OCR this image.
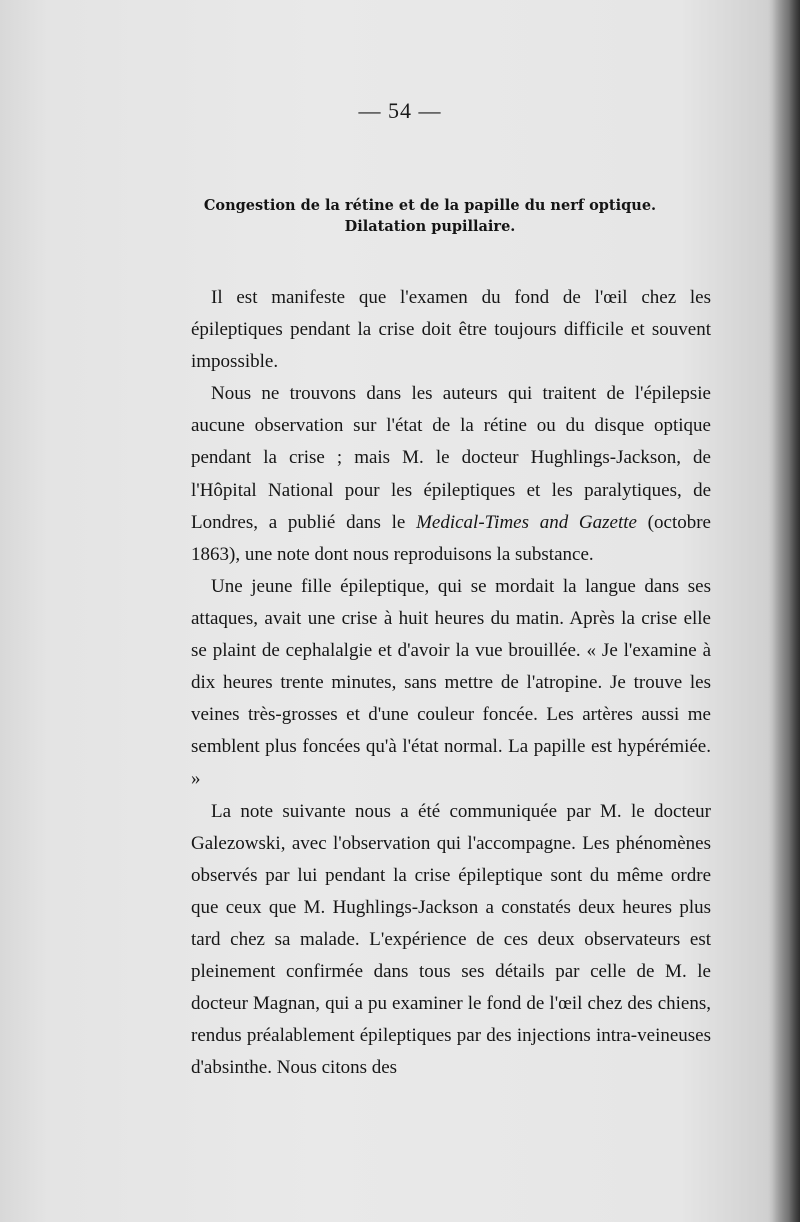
— 54 —
Congestion de la rétine et de la papille du nerf optique.
Dilatation pupillaire.

Il est manifeste que l'examen du fond de l'œil chez les épileptiques pendant la crise doit être toujours difficile et souvent impossible.

Nous ne trouvons dans les auteurs qui traitent de l'épilepsie aucune observation sur l'état de la rétine ou du disque optique pendant la crise ; mais M. le docteur Hughlings-Jackson, de l'Hôpital National pour les épileptiques et les paralytiques, de Londres, a publié dans le Medical-Times and Gazette (octobre 1863), une note dont nous reproduisons la substance.

Une jeune fille épileptique, qui se mordait la langue dans ses attaques, avait une crise à huit heures du matin. Après la crise elle se plaint de cephalalgie et d'avoir la vue brouillée. « Je l'examine à dix heures trente minutes, sans mettre de l'atropine. Je trouve les veines très-grosses et d'une couleur foncée. Les artères aussi me semblent plus foncées qu'à l'état normal. La papille est hypérémiée. »

La note suivante nous a été communiquée par M. le docteur Galezowski, avec l'observation qui l'accompagne. Les phénomènes observés par lui pendant la crise épileptique sont du même ordre que ceux que M. Hughlings-Jackson a constatés deux heures plus tard chez sa malade. L'expérience de ces deux observateurs est pleinement confirmée dans tous ses détails par celle de M. le docteur Magnan, qui a pu examiner le fond de l'œil chez des chiens, rendus préalablement épileptiques par des injections intra-veineuses d'absinthe. Nous citons des
